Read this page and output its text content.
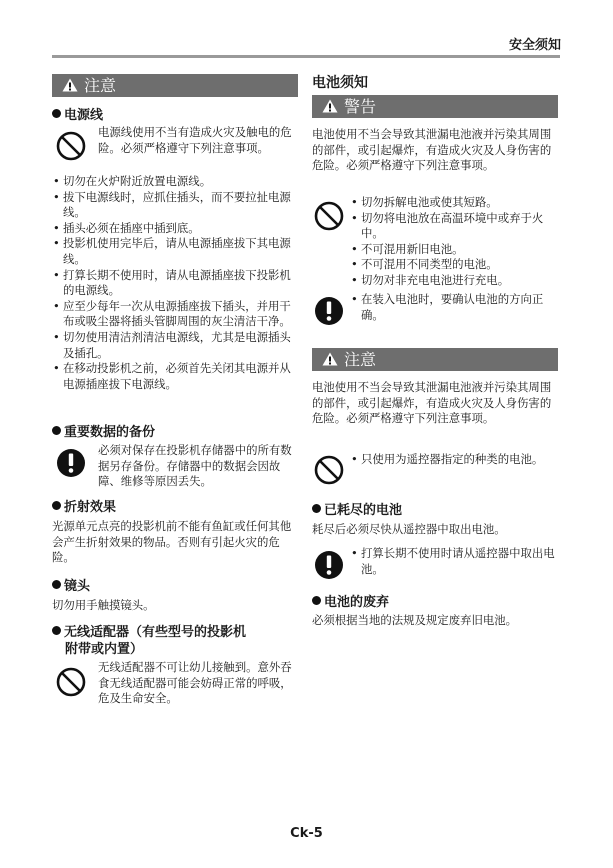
安全须知
注意
电源线

电源线使用不当有造成火灾及触电的危险。必须严格遵守下列注意事项。

• 切勿在火炉附近放置电源线。
• 拔下电源线时，应抓住插头，而不要拉扯电源线。
• 插头必须在插座中插到底。
• 投影机使用完毕后，请从电源插座拔下其电源线。
• 打算长期不使用时，请从电源插座拔下投影机的电源线。
• 应至少每年一次从电源插座拔下插头，并用干布或吸尘器将插头管脚周围的灰尘清洁干净。
• 切勿使用清洁剂清洁电源线，尤其是电源插头及插孔。
• 在移动投影机之前，必须首先关闭其电源并从电源插座拔下电源线。
重要数据的备份

必须对保存在投影机存储器中的所有数据另存备份。存储器中的数据会因故障、维修等原因丢失。

折射效果

光源单元点亮的投影机前不能有鱼缸或任何其他会产生折射效果的物品。否则有引起火灾的危险。

镜头

切勿用手触摸镜头。

无线适配器（有些型号的投影机
附带或内置）

无线适配器不可让幼儿接触到。意外吞食无线适配器可能会妨碍正常的呼吸，危及生命安全。

电池须知
警告

电池使用不当会导致其泄漏电池液并污染其周围的部件，或引起爆炸，有造成火灾及人身伤害的危险。必须严格遵守下列注意事项。

• 切勿拆解电池或使其短路。
• 切勿将电池放在高温环境中或弃于火中。
• 不可混用新旧电池。
• 不可混用不同类型的电池。
• 切勿对非充电电池进行充电。
• 在装入电池时，要确认电池的方向正确。
注意

电池使用不当会导致其泄漏电池液并污染其周围的部件，或引起爆炸，有造成火灾及人身伤害的危险。必须严格遵守下列注意事项。

• 只使用为遥控器指定的种类的电池。
已耗尽的电池

耗尽后必须尽快从遥控器中取出电池。

• 打算长期不使用时请从遥控器中取出电池。
电池的废弃

必须根据当地的法规及规定废弃旧电池。

Ck-5
